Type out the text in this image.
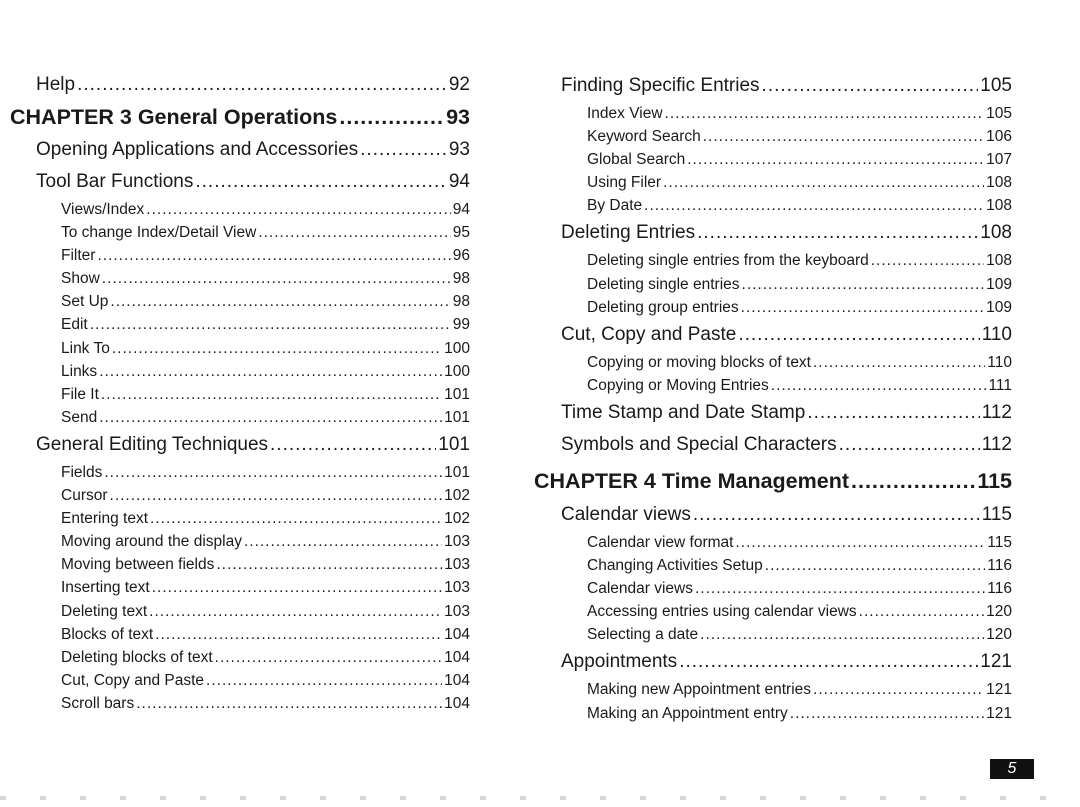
Help .....	92
CHAPTER 3 General Operations .....	93
Opening Applications and Accessories .....	93
Tool Bar Functions .....	94
Views/Index .....	94
To change Index/Detail View .....	95
Filter .....	96
Show .....	98
Set Up .....	98
Edit .....	99
Link To .....	100
Links .....	100
File It .....	101
Send .....	101
General Editing Techniques .....	101
Fields .....	101
Cursor .....	102
Entering text .....	102
Moving around the display .....	103
Moving between fields .....	103
Inserting text .....	103
Deleting text .....	103
Blocks of text .....	104
Deleting blocks of text .....	104
Cut, Copy and Paste .....	104
Scroll bars .....	104
Finding Specific Entries .....	105
Index View .....	105
Keyword Search .....	106
Global Search .....	107
Using Filer .....	108
By Date .....	108
Deleting Entries .....	108
Deleting single entries from the keyboard .....	108
Deleting single entries .....	109
Deleting group entries .....	109
Cut, Copy and Paste .....	110
Copying or moving blocks of text .....	110
Copying or Moving Entries .....	111
Time Stamp and Date Stamp .....	112
Symbols and Special Characters .....	112
CHAPTER 4 Time Management .....	115
Calendar views .....	115
Calendar view format .....	115
Changing Activities Setup .....	116
Calendar views .....	116
Accessing entries using calendar views .....	120
Selecting a date .....	120
Appointments .....	121
Making new Appointment entries .....	121
Making an Appointment entry .....	121
5
